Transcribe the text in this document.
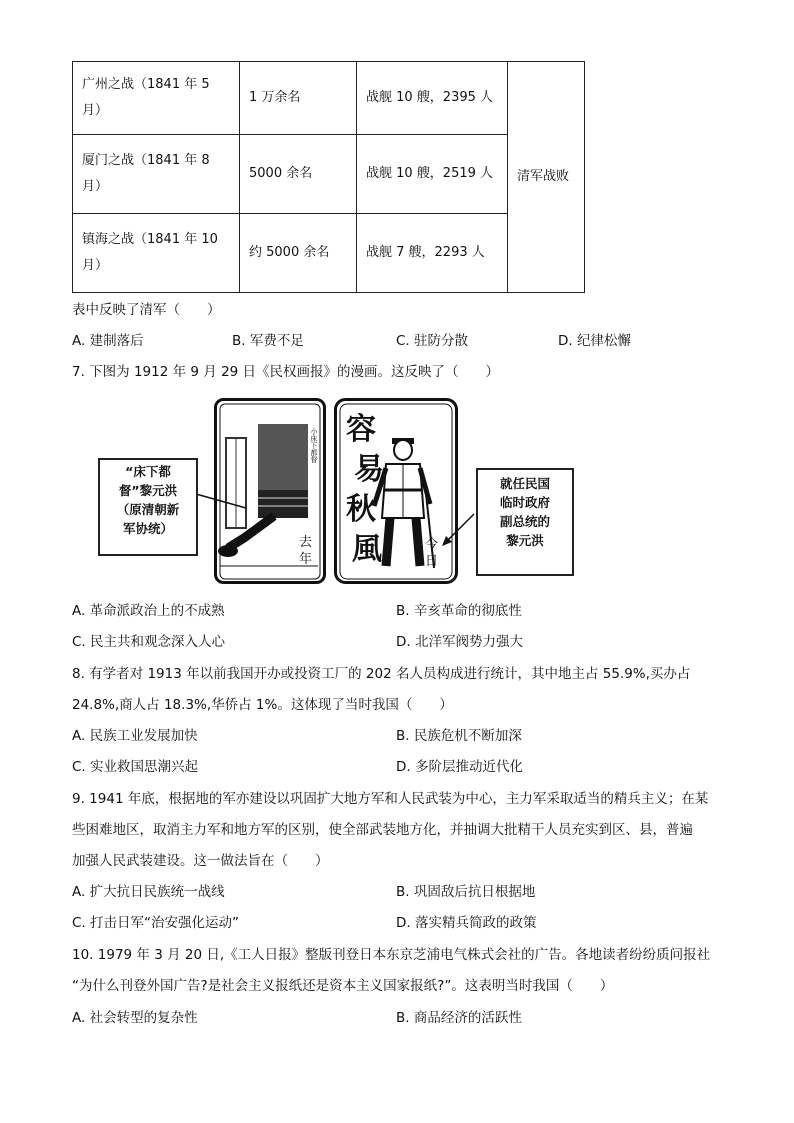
广州之战（1841 年 5
月）	1 万余名	战舰 10 艘，2395 人	清军战败
厦门之战（1841 年 8
月）	5000 余名	战舰 10 艘，2519 人	
镇海之战（1841 年 10
月）	约 5000 余名	战舰 7 艘，2293 人	
表中反映了清军（　　）
A. 建制落后	B. 军费不足	C. 驻防分散	D. 纪律松懈
7. 下图为 1912 年 9 月 29 日《民权画报》的漫画。这反映了（　　）
小床下都督
去
年
容
易
秋
風	今
日
“床下都
督”黎元洪
（原清朝新
军协统）
就任民国
临时政府
副总统的
黎元洪
A. 革命派政治上的不成熟	B. 辛亥革命的彻底性
C. 民主共和观念深入人心	D. 北洋军阀势力强大
8. 有学者对 1913 年以前我国开办或投资工厂的 202 名人员构成进行统计，其中地主占 55.9%,买办占
24.8%,商人占 18.3%,华侨占 1%。这体现了当时我国（　　）
A. 民族工业发展加快	B. 民族危机不断加深
C. 实业救国思潮兴起	D. 多阶层推动近代化
9. 1941 年底，根据地的军亦建设以巩固扩大地方军和人民武装为中心，主力军采取适当的精兵主义；在某
些困难地区，取消主力军和地方军的区别，使全部武装地方化，并抽调大批精干人员充实到区、县，普遍
加强人民武装建设。这一做法旨在（　　）
A. 扩大抗日民族统一战线	B. 巩固敌后抗日根据地
C. 打击日军“治安强化运动”	D. 落实精兵简政的政策
10. 1979 年 3 月 20 日,《工人日报》整版刊登日本东京芝浦电气株式会社的广告。各地读者纷纷质问报社
“为什么刊登外国广告?是社会主义报纸还是资本主义国家报纸?”。这表明当时我国（　　）
A. 社会转型的复杂性	B. 商品经济的活跃性
